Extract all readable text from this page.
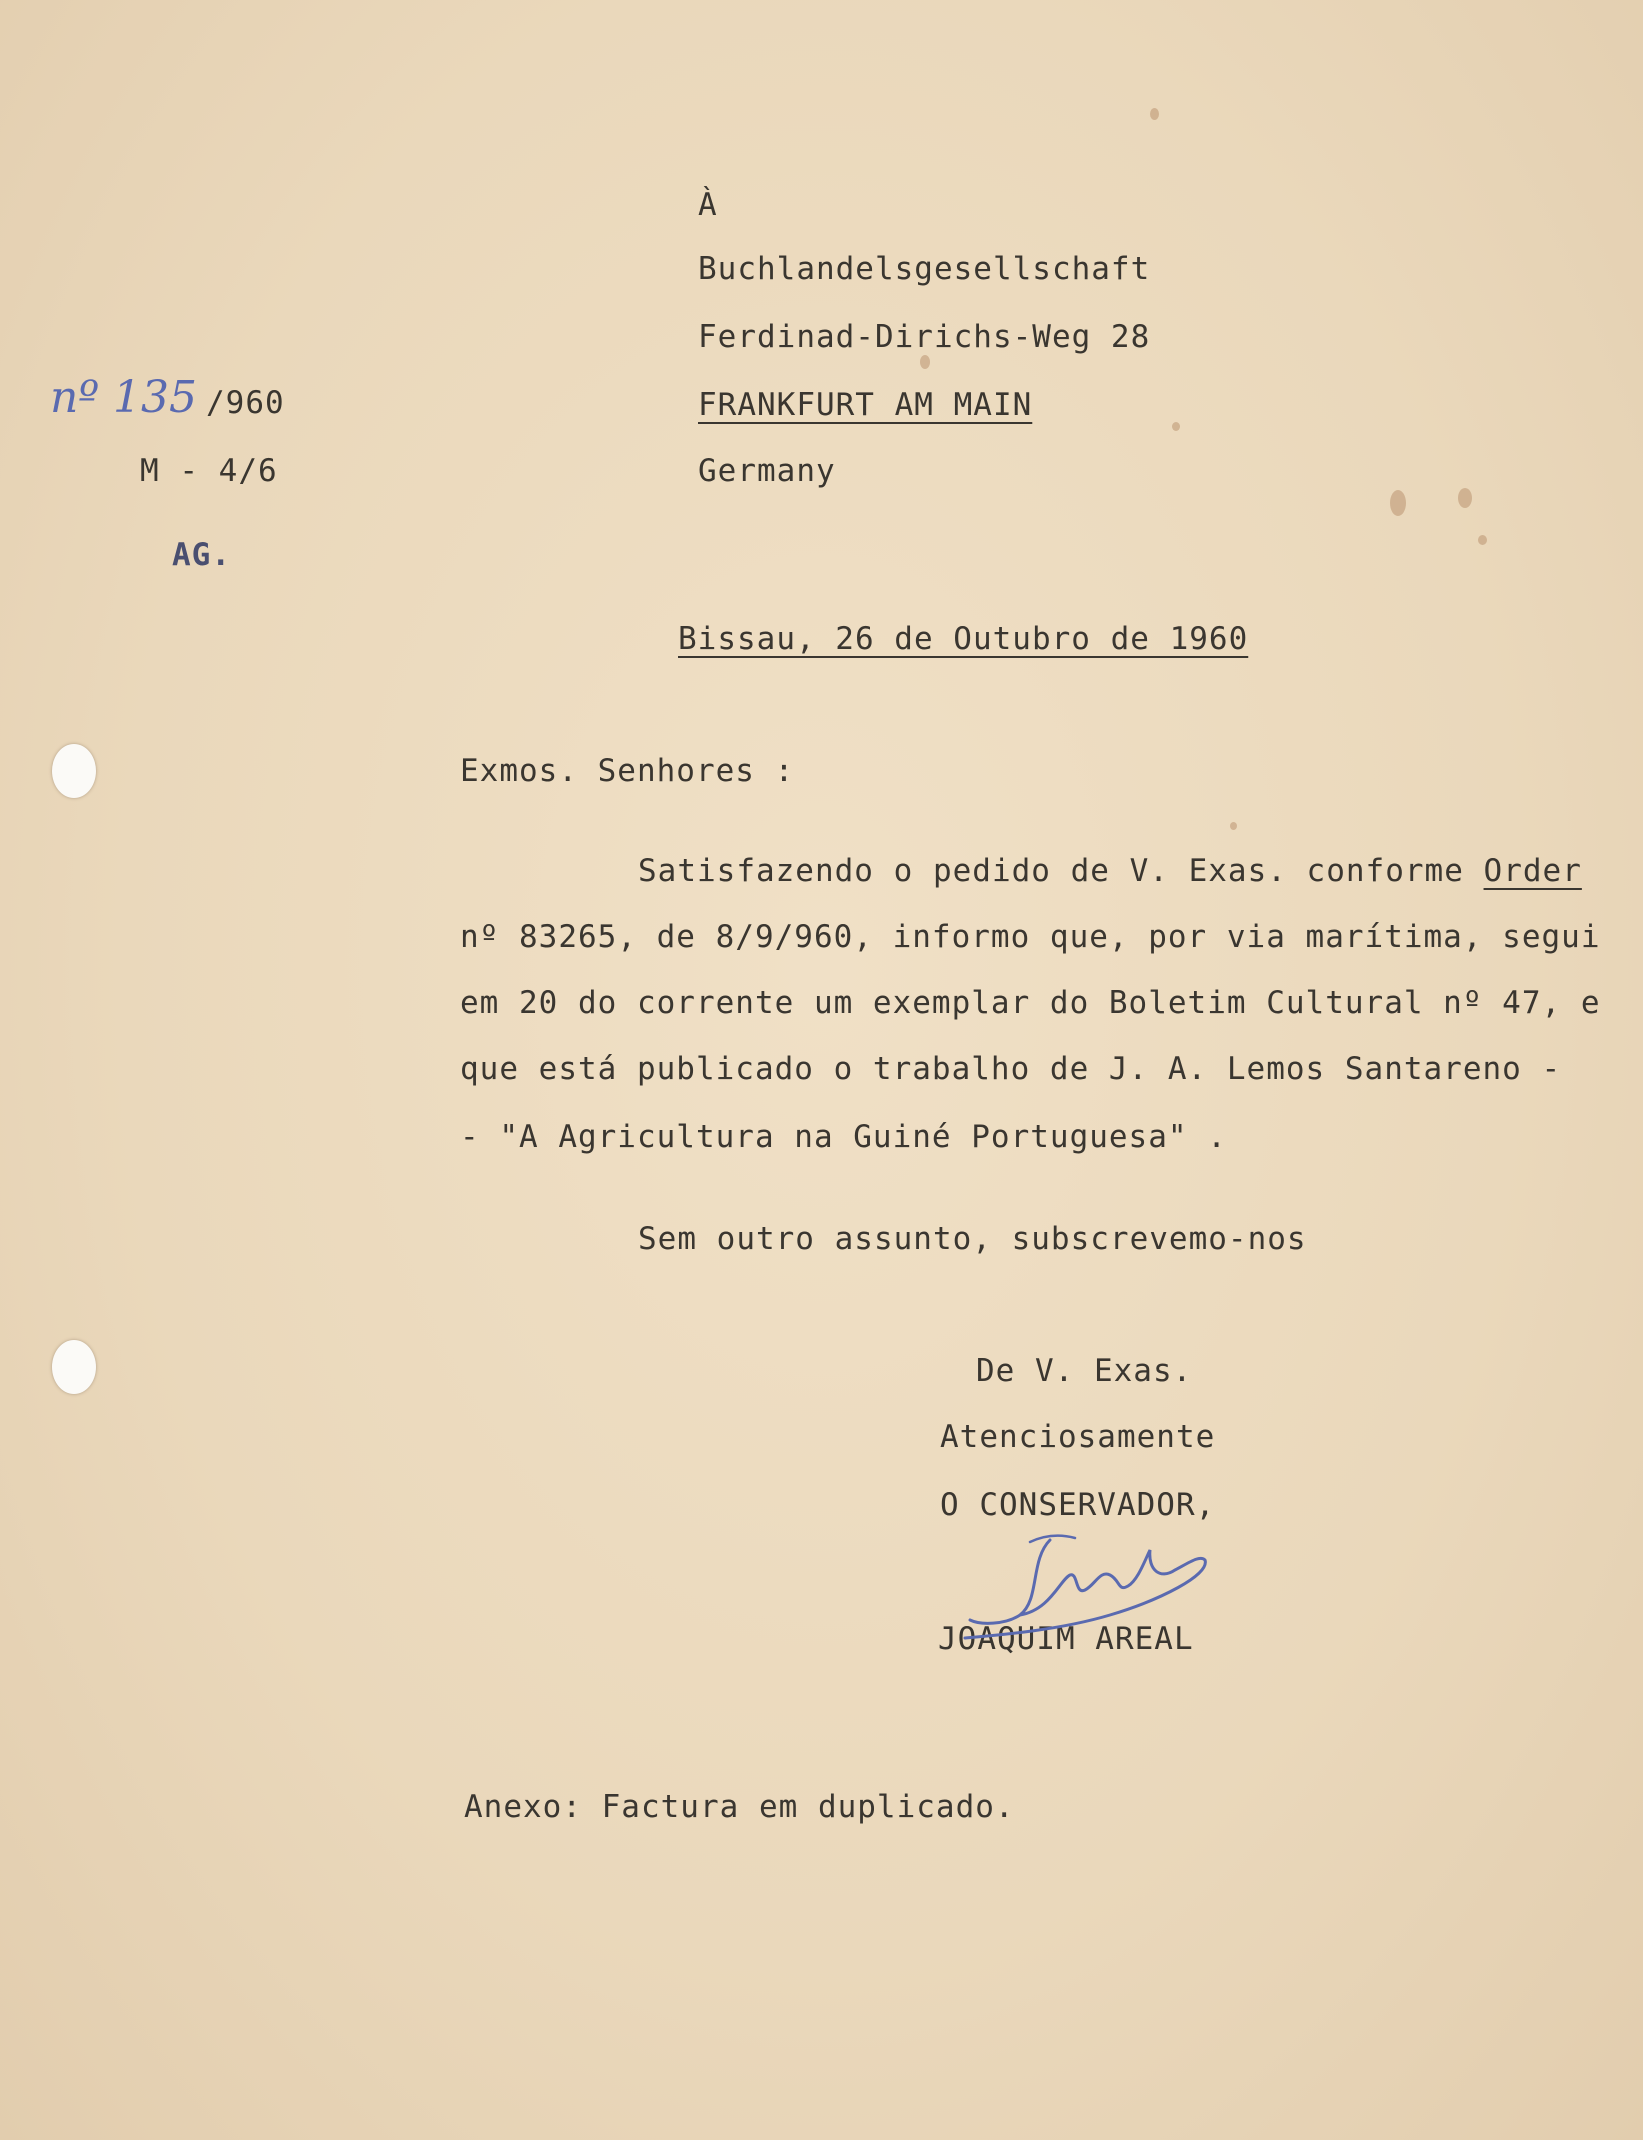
nº 135 /960
M - 4/6
AG.
À
Buchlandelsgesellschaft
Ferdinad-Dirichs-Weg 28
FRANKFURT AM MAIN
Germany
Bissau, 26 de Outubro de 1960
Exmos. Senhores :
Satisfazendo o pedido de V. Exas. conforme Order
nº 83265, de 8/9/960, informo que, por via marítima, segui
em 20 do corrente um exemplar do Boletim Cultural nº 47, e
que está publicado o trabalho de J. A. Lemos Santareno -
- "A Agricultura na Guiné Portuguesa" .
Sem outro assunto, subscrevemo-nos
De V. Exas.
Atenciosamente
O CONSERVADOR,
JOAQUIM AREAL
Anexo: Factura em duplicado.
